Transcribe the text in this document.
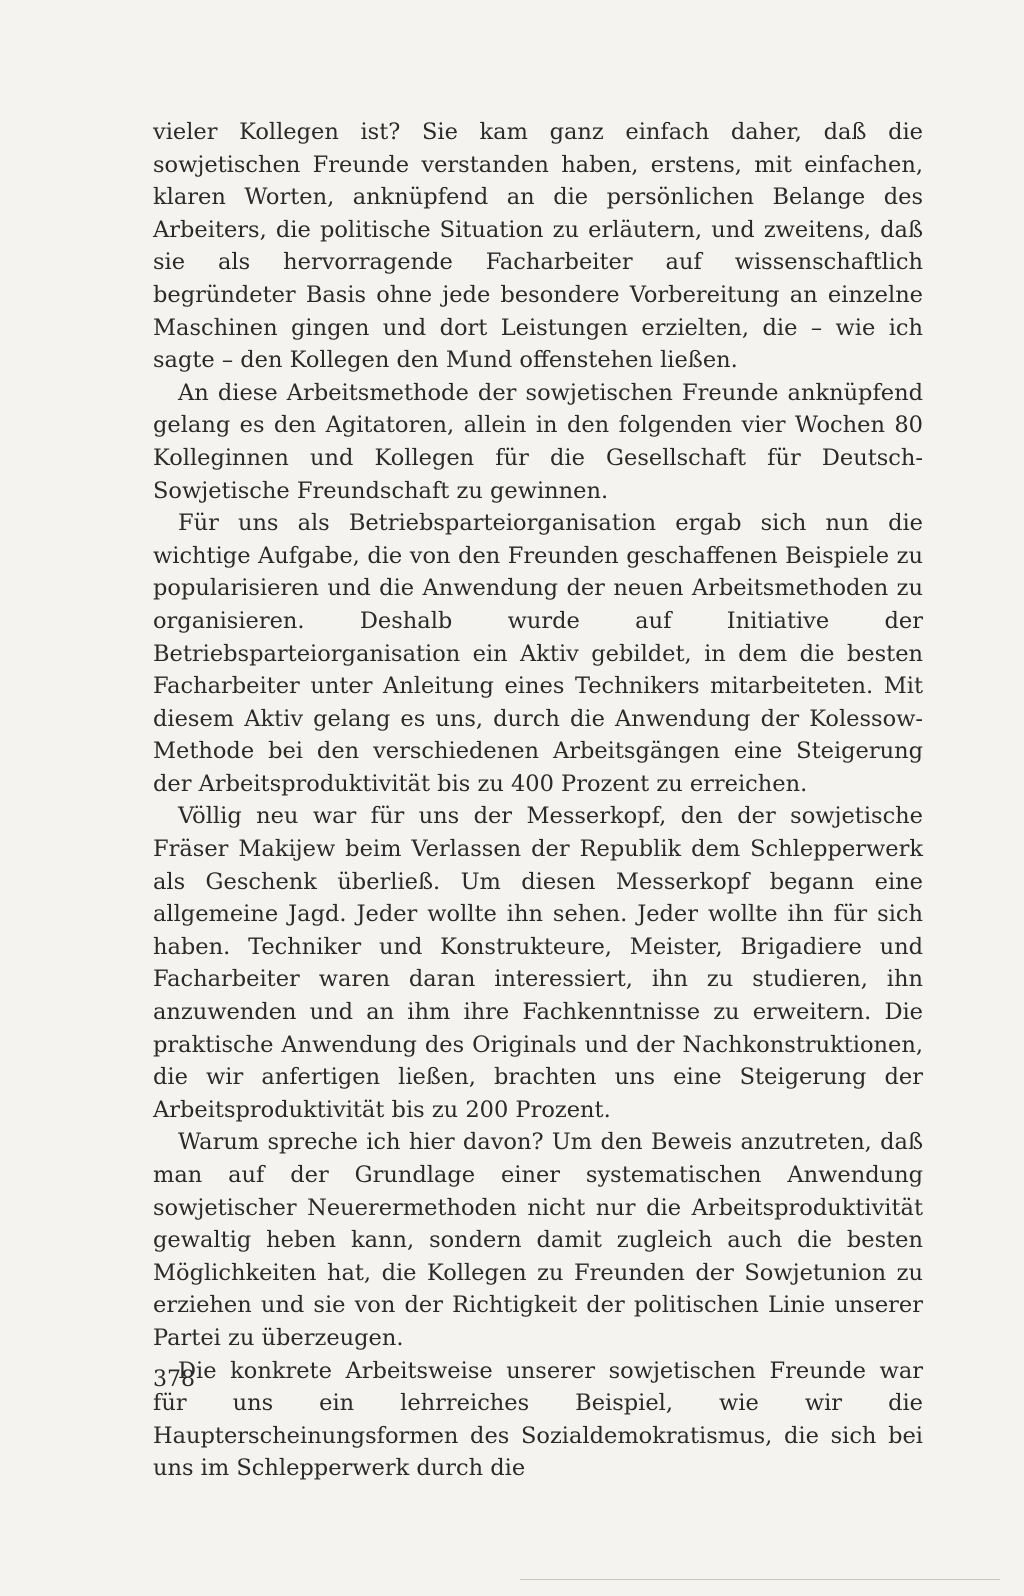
vieler Kollegen ist? Sie kam ganz einfach daher, daß die sowjetischen Freunde verstanden haben, erstens, mit einfachen, klaren Worten, anknüpfend an die persönlichen Belange des Arbeiters, die politische Situation zu erläutern, und zweitens, daß sie als hervorragende Facharbeiter auf wissenschaftlich begründeter Basis ohne jede besondere Vorbereitung an einzelne Maschinen gingen und dort Leistungen erzielten, die – wie ich sagte – den Kollegen den Mund offenstehen ließen.

An diese Arbeitsmethode der sowjetischen Freunde anknüpfend gelang es den Agitatoren, allein in den folgenden vier Wochen 80 Kolleginnen und Kollegen für die Gesellschaft für Deutsch-Sowjetische Freundschaft zu gewinnen.

Für uns als Betriebsparteiorganisation ergab sich nun die wichtige Aufgabe, die von den Freunden geschaffenen Beispiele zu popularisieren und die Anwendung der neuen Arbeitsmethoden zu organisieren. Deshalb wurde auf Initiative der Betriebsparteiorganisation ein Aktiv gebildet, in dem die besten Facharbeiter unter Anleitung eines Technikers mitarbeiteten. Mit diesem Aktiv gelang es uns, durch die Anwendung der Kolessow-Methode bei den verschiedenen Arbeitsgängen eine Steigerung der Arbeitsproduktivität bis zu 400 Prozent zu erreichen.

Völlig neu war für uns der Messerkopf, den der sowjetische Fräser Makijew beim Verlassen der Republik dem Schlepperwerk als Geschenk überließ. Um diesen Messerkopf begann eine allgemeine Jagd. Jeder wollte ihn sehen. Jeder wollte ihn für sich haben. Techniker und Konstrukteure, Meister, Brigadiere und Facharbeiter waren daran interessiert, ihn zu studieren, ihn anzuwenden und an ihm ihre Fachkenntnisse zu erweitern. Die praktische Anwendung des Originals und der Nachkonstruktionen, die wir anfertigen ließen, brachten uns eine Steigerung der Arbeitsproduktivität bis zu 200 Prozent.

Warum spreche ich hier davon? Um den Beweis anzutreten, daß man auf der Grundlage einer systematischen Anwendung sowjetischer Neuerermethoden nicht nur die Arbeitsproduktivität gewaltig heben kann, sondern damit zugleich auch die besten Möglichkeiten hat, die Kollegen zu Freunden der Sowjetunion zu erziehen und sie von der Richtigkeit der politischen Linie unserer Partei zu überzeugen.

Die konkrete Arbeitsweise unserer sowjetischen Freunde war für uns ein lehrreiches Beispiel, wie wir die Haupterscheinungsformen des Sozialdemokratismus, die sich bei uns im Schlepperwerk durch die

378
